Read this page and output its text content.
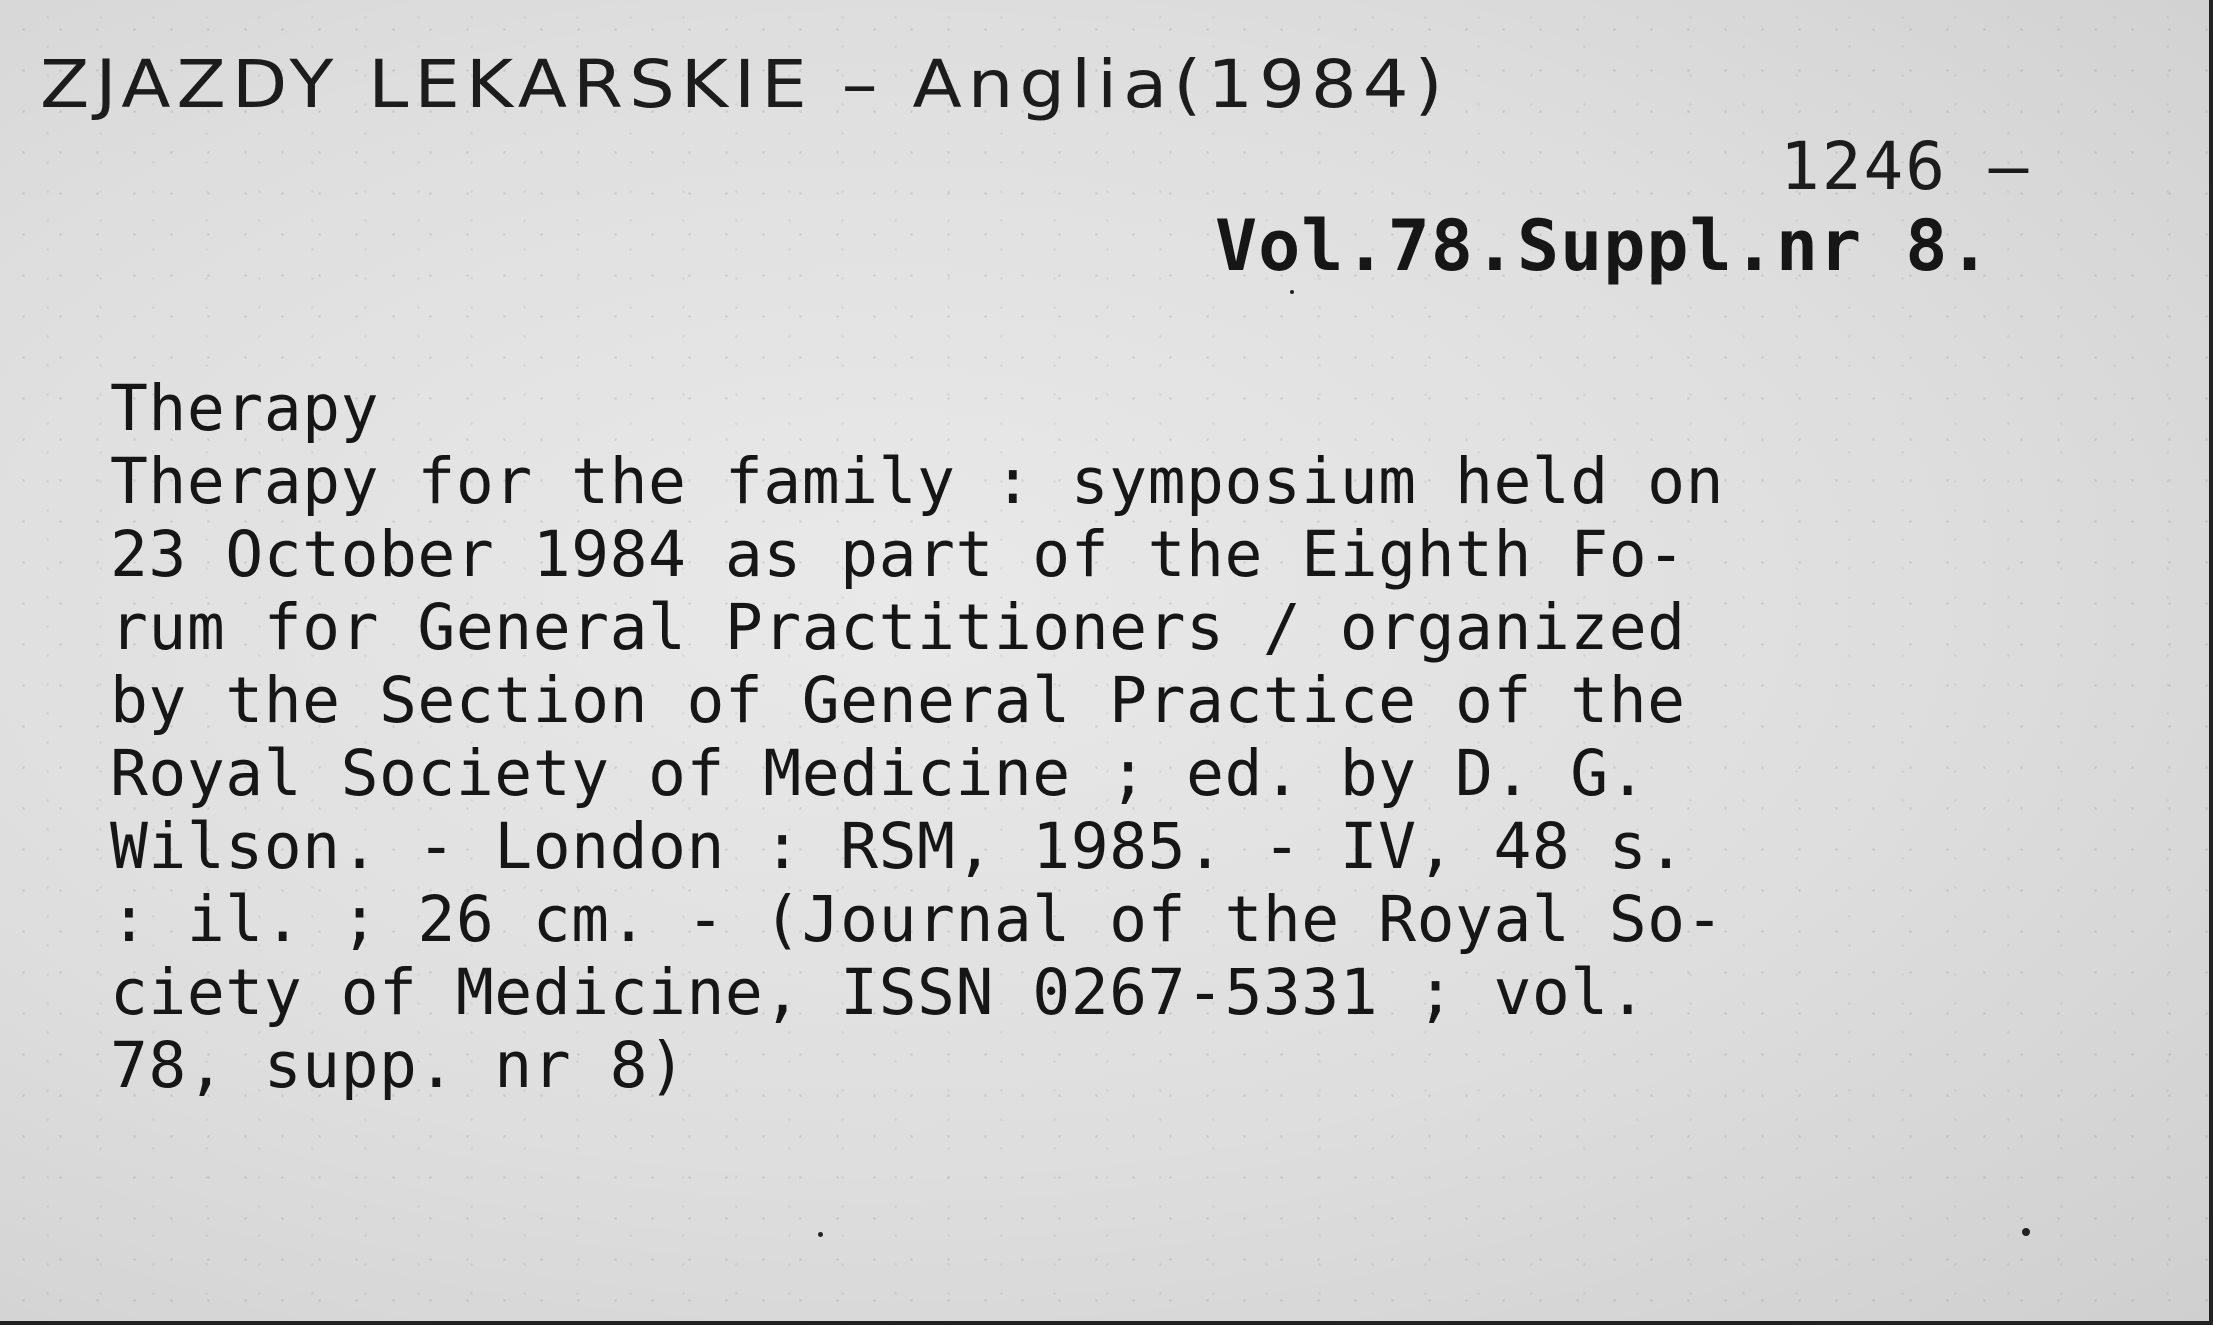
ZJAZDY LEKARSKIE – Anglia(1984)
1246 –
Vol.78.Suppl.nr 8.
Therapy
Therapy for the family : symposium held on
23 October 1984 as part of the Eighth Fo-
rum for General Practitioners / organized
by the Section of General Practice of the
Royal Society of Medicine ; ed. by D. G.
Wilson. - London : RSM, 1985. - IV, 48 s.
: il. ; 26 cm. - (Journal of the Royal So-
ciety of Medicine, ISSN 0267-5331 ; vol.
78, supp. nr 8)
